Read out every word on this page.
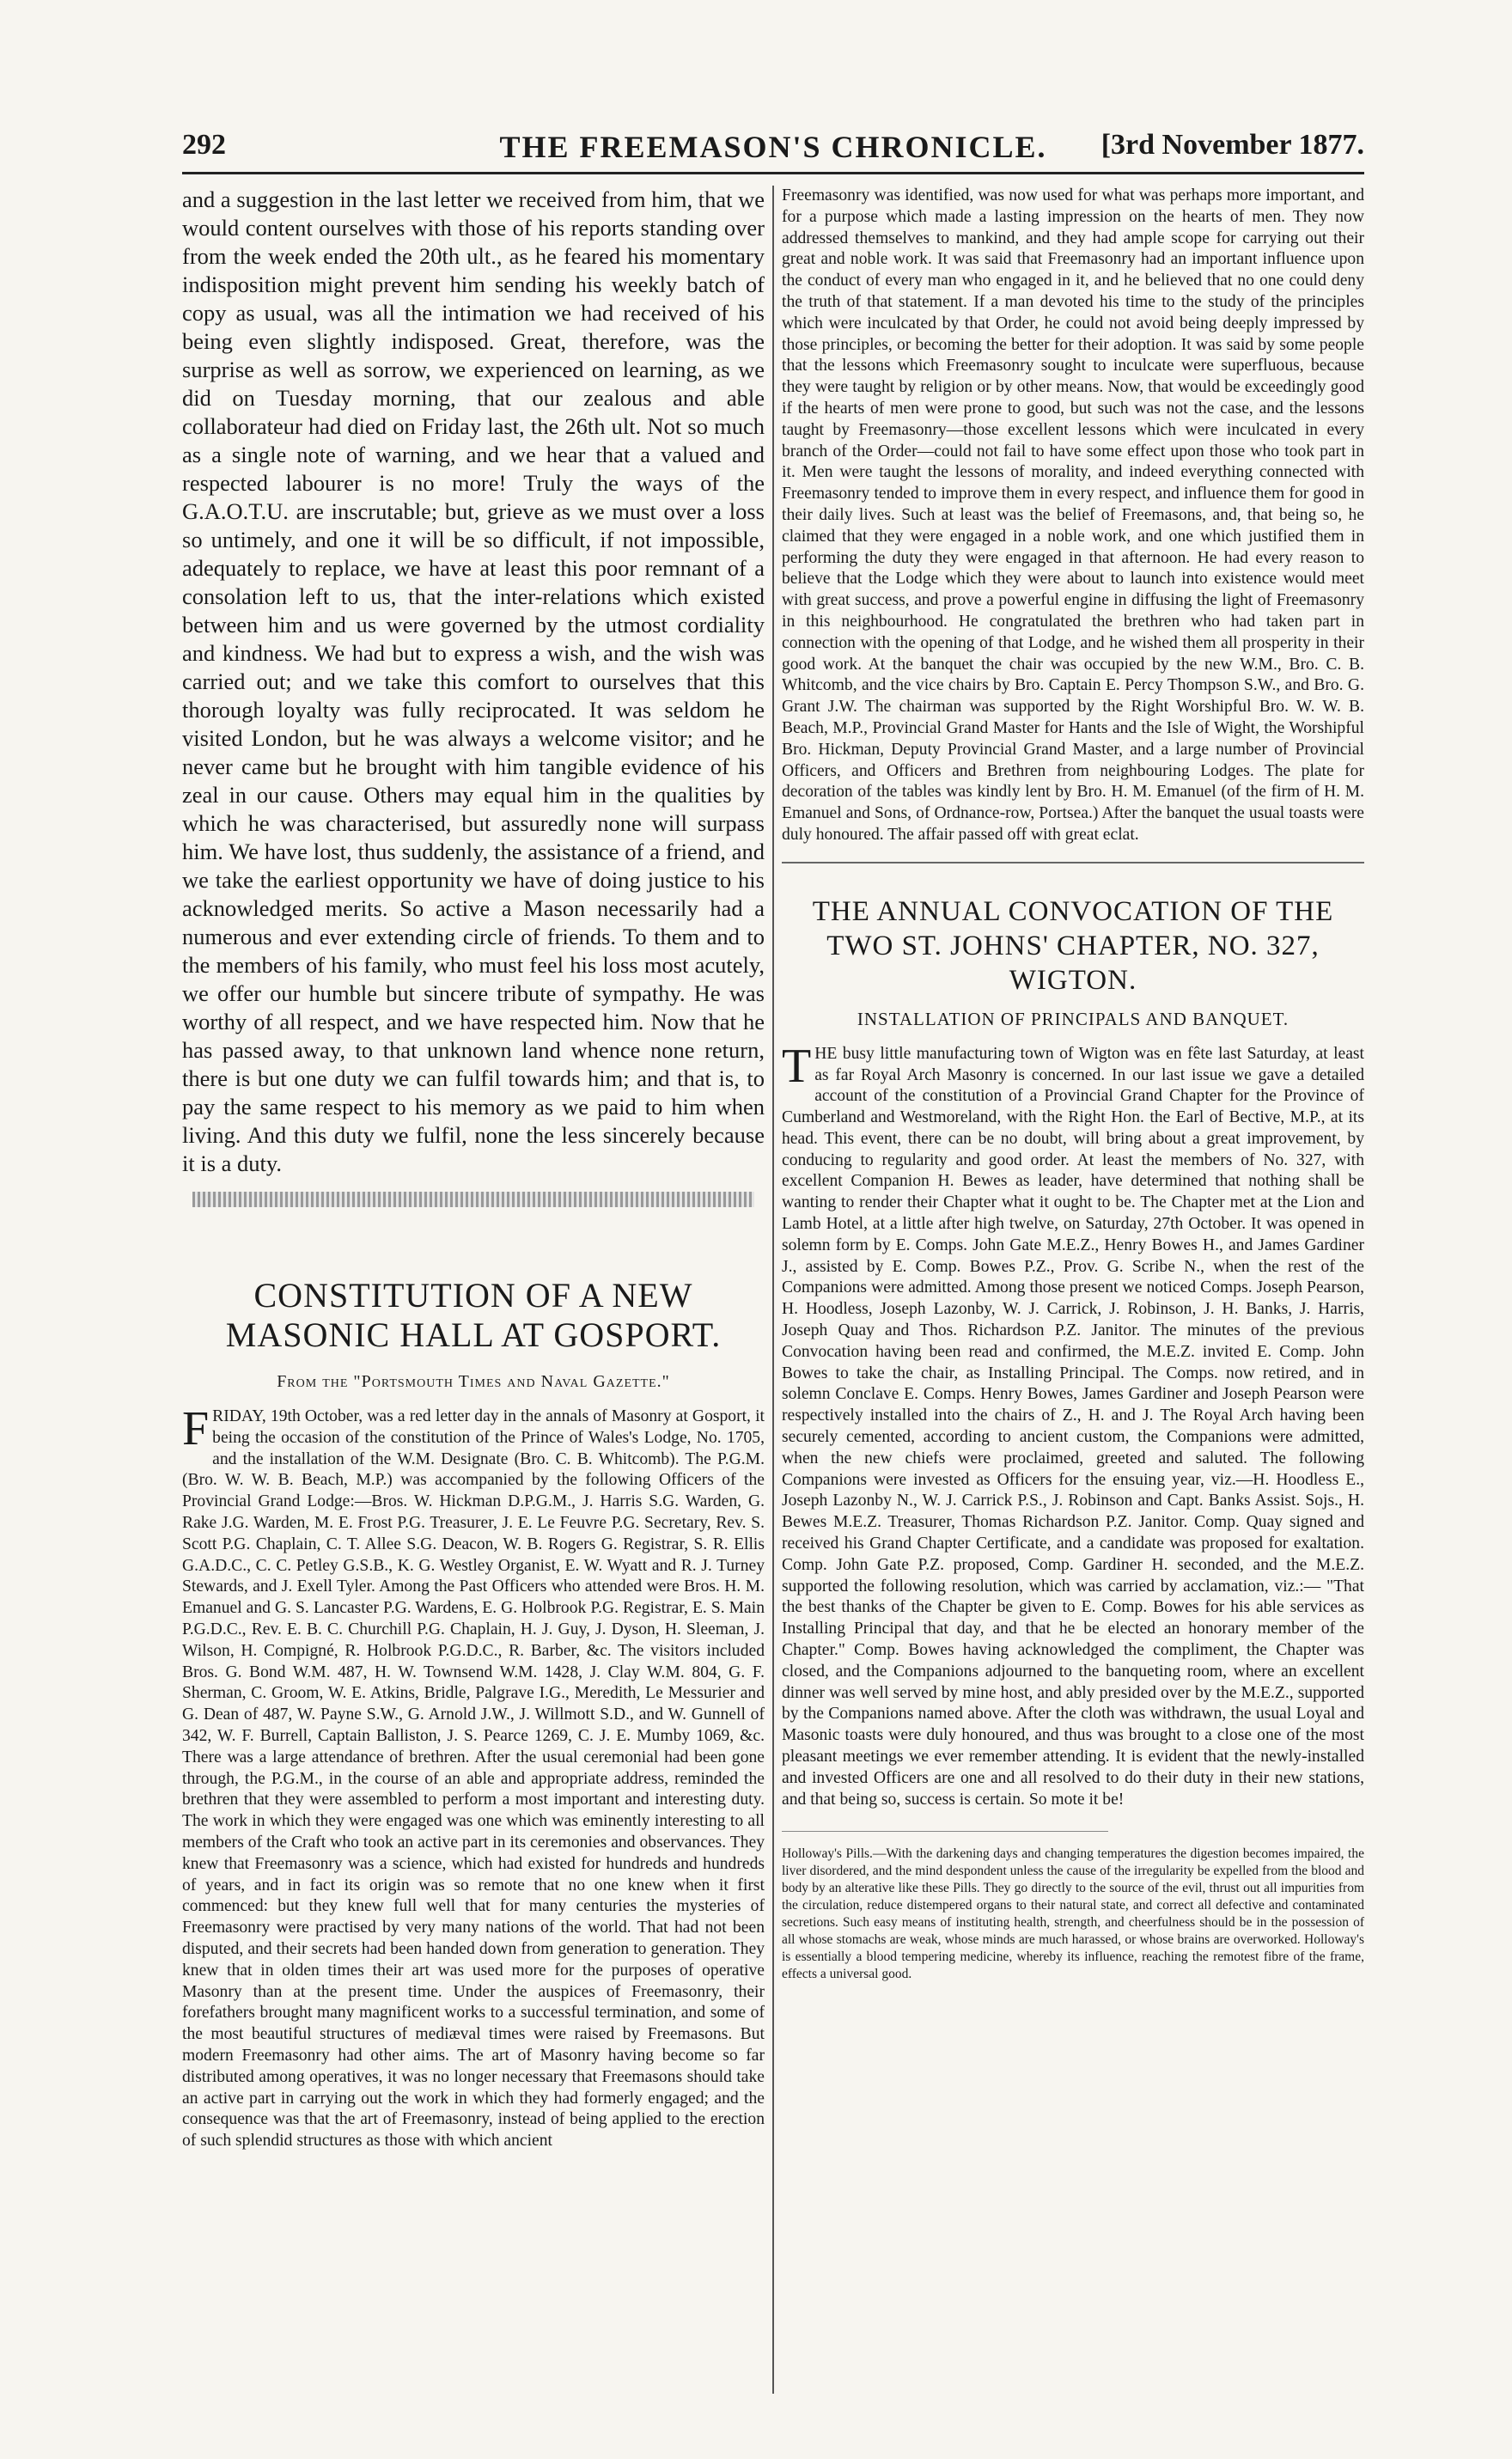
292	THE FREEMASON'S CHRONICLE.	[3rd November 1877.

and a suggestion in the last letter we received from him, that we would content ourselves with those of his reports standing over from the week ended the 20th ult., as he feared his momentary indisposition might prevent him sending his weekly batch of copy as usual, was all the intimation we had received of his being even slightly indisposed. Great, therefore, was the surprise as well as sorrow, we experienced on learning, as we did on Tuesday morning, that our zealous and able collaborateur had died on Friday last, the 26th ult. Not so much as a single note of warning, and we hear that a valued and respected labourer is no more! Truly the ways of the G.A.O.T.U. are inscrutable; but, grieve as we must over a loss so untimely, and one it will be so difficult, if not impossible, adequately to replace, we have at least this poor remnant of a consolation left to us, that the inter-relations which existed between him and us were governed by the utmost cordiality and kindness. We had but to express a wish, and the wish was carried out; and we take this comfort to ourselves that this thorough loyalty was fully reciprocated. It was seldom he visited London, but he was always a welcome visitor; and he never came but he brought with him tangible evidence of his zeal in our cause. Others may equal him in the qualities by which he was characterised, but assuredly none will surpass him. We have lost, thus suddenly, the assistance of a friend, and we take the earliest opportunity we have of doing justice to his acknowledged merits. So active a Mason necessarily had a numerous and ever extending circle of friends. To them and to the members of his family, who must feel his loss most acutely, we offer our humble but sincere tribute of sympathy. He was worthy of all respect, and we have respected him. Now that he has passed away, to that unknown land whence none return, there is but one duty we can fulfil towards him; and that is, to pay the same respect to his memory as we paid to him when living. And this duty we fulfil, none the less sincerely because it is a duty.

CONSTITUTION OF A NEW MASONIC HALL AT GOSPORT.
From the "Portsmouth Times and Naval Gazette."

FRIDAY, 19th October, was a red letter day in the annals of Masonry at Gosport, it being the occasion of the constitution of the Prince of Wales's Lodge, No. 1705, and the installation of the W.M. Designate (Bro. C. B. Whitcomb). The P.G.M. (Bro. W. W. B. Beach, M.P.) was accompanied by the following Officers of the Provincial Grand Lodge:—Bros. W. Hickman D.P.G.M., J. Harris S.G. Warden, G. Rake J.G. Warden, M. E. Frost P.G. Treasurer, J. E. Le Feuvre P.G. Secretary, Rev. S. Scott P.G. Chaplain, C. T. Allee S.G. Deacon, W. B. Rogers G. Registrar, S. R. Ellis G.A.D.C., C. C. Petley G.S.B., K. G. Westley Organist, E. W. Wyatt and R. J. Turney Stewards, and J. Exell Tyler. Among the Past Officers who attended were Bros. H. M. Emanuel and G. S. Lancaster P.G. Wardens, E. G. Holbrook P.G. Registrar, E. S. Main P.G.D.C., Rev. E. B. C. Churchill P.G. Chaplain, H. J. Guy, J. Dyson, H. Sleeman, J. Wilson, H. Compigné, R. Holbrook P.G.D.C., R. Barber, &c. The visitors included Bros. G. Bond W.M. 487, H. W. Townsend W.M. 1428, J. Clay W.M. 804, G. F. Sherman, C. Groom, W. E. Atkins, Bridle, Palgrave I.G., Meredith, Le Messurier and G. Dean of 487, W. Payne S.W., G. Arnold J.W., J. Willmott S.D., and W. Gunnell of 342, W. F. Burrell, Captain Balliston, J. S. Pearce 1269, C. J. E. Mumby 1069, &c. There was a large attendance of brethren. After the usual ceremonial had been gone through, the P.G.M., in the course of an able and appropriate address, reminded the brethren that they were assembled to perform a most important and interesting duty. The work in which they were engaged was one which was eminently interesting to all members of the Craft who took an active part in its ceremonies and observances. They knew that Freemasonry was a science, which had existed for hundreds and hundreds of years, and in fact its origin was so remote that no one knew when it first commenced: but they knew full well that for many centuries the mysteries of Freemasonry were practised by very many nations of the world. That had not been disputed, and their secrets had been handed down from generation to generation. They knew that in olden times their art was used more for the purposes of operative Masonry than at the present time. Under the auspices of Freemasonry, their forefathers brought many magnificent works to a successful termination, and some of the most beautiful structures of mediæval times were raised by Freemasons. But modern Freemasonry had other aims. The art of Masonry having become so far distributed among operatives, it was no longer necessary that Freemasons should take an active part in carrying out the work in which they had formerly engaged; and the consequence was that the art of Freemasonry, instead of being applied to the erection of such splendid structures as those with which ancient

Freemasonry was identified, was now used for what was perhaps more important, and for a purpose which made a lasting impression on the hearts of men. They now addressed themselves to mankind, and they had ample scope for carrying out their great and noble work. It was said that Freemasonry had an important influence upon the conduct of every man who engaged in it, and he believed that no one could deny the truth of that statement. If a man devoted his time to the study of the principles which were inculcated by that Order, he could not avoid being deeply impressed by those principles, or becoming the better for their adoption. It was said by some people that the lessons which Freemasonry sought to inculcate were superfluous, because they were taught by religion or by other means. Now, that would be exceedingly good if the hearts of men were prone to good, but such was not the case, and the lessons taught by Freemasonry—those excellent lessons which were inculcated in every branch of the Order—could not fail to have some effect upon those who took part in it. Men were taught the lessons of morality, and indeed everything connected with Freemasonry tended to improve them in every respect, and influence them for good in their daily lives. Such at least was the belief of Freemasons, and, that being so, he claimed that they were engaged in a noble work, and one which justified them in performing the duty they were engaged in that afternoon. He had every reason to believe that the Lodge which they were about to launch into existence would meet with great success, and prove a powerful engine in diffusing the light of Freemasonry in this neighbourhood. He congratulated the brethren who had taken part in connection with the opening of that Lodge, and he wished them all prosperity in their good work. At the banquet the chair was occupied by the new W.M., Bro. C. B. Whitcomb, and the vice chairs by Bro. Captain E. Percy Thompson S.W., and Bro. G. Grant J.W. The chairman was supported by the Right Worshipful Bro. W. W. B. Beach, M.P., Provincial Grand Master for Hants and the Isle of Wight, the Worshipful Bro. Hickman, Deputy Provincial Grand Master, and a large number of Provincial Officers, and Officers and Brethren from neighbouring Lodges. The plate for decoration of the tables was kindly lent by Bro. H. M. Emanuel (of the firm of H. M. Emanuel and Sons, of Ordnance-row, Portsea.) After the banquet the usual toasts were duly honoured. The affair passed off with great eclat.

THE ANNUAL CONVOCATION OF THE TWO ST. JOHNS' CHAPTER, NO. 327, WIGTON.
INSTALLATION OF PRINCIPALS AND BANQUET.

THE busy little manufacturing town of Wigton was en fête last Saturday, at least as far Royal Arch Masonry is concerned. In our last issue we gave a detailed account of the constitution of a Provincial Grand Chapter for the Province of Cumberland and Westmoreland, with the Right Hon. the Earl of Bective, M.P., at its head. This event, there can be no doubt, will bring about a great improvement, by conducing to regularity and good order. At least the members of No. 327, with excellent Companion H. Bewes as leader, have determined that nothing shall be wanting to render their Chapter what it ought to be. The Chapter met at the Lion and Lamb Hotel, at a little after high twelve, on Saturday, 27th October. It was opened in solemn form by E. Comps. John Gate M.E.Z., Henry Bowes H., and James Gardiner J., assisted by E. Comp. Bowes P.Z., Prov. G. Scribe N., when the rest of the Companions were admitted. Among those present we noticed Comps. Joseph Pearson, H. Hoodless, Joseph Lazonby, W. J. Carrick, J. Robinson, J. H. Banks, J. Harris, Joseph Quay and Thos. Richardson P.Z. Janitor. The minutes of the previous Convocation having been read and confirmed, the M.E.Z. invited E. Comp. John Bowes to take the chair, as Installing Principal. The Comps. now retired, and in solemn Conclave E. Comps. Henry Bowes, James Gardiner and Joseph Pearson were respectively installed into the chairs of Z., H. and J. The Royal Arch having been securely cemented, according to ancient custom, the Companions were admitted, when the new chiefs were proclaimed, greeted and saluted. The following Companions were invested as Officers for the ensuing year, viz.—H. Hoodless E., Joseph Lazonby N., W. J. Carrick P.S., J. Robinson and Capt. Banks Assist. Sojs., H. Bewes M.E.Z. Treasurer, Thomas Richardson P.Z. Janitor. Comp. Quay signed and received his Grand Chapter Certificate, and a candidate was proposed for exaltation. Comp. John Gate P.Z. proposed, Comp. Gardiner H. seconded, and the M.E.Z. supported the following resolution, which was carried by acclamation, viz.:— "That the best thanks of the Chapter be given to E. Comp. Bowes for his able services as Installing Principal that day, and that he be elected an honorary member of the Chapter." Comp. Bowes having acknowledged the compliment, the Chapter was closed, and the Companions adjourned to the banqueting room, where an excellent dinner was well served by mine host, and ably presided over by the M.E.Z., supported by the Companions named above. After the cloth was withdrawn, the usual Loyal and Masonic toasts were duly honoured, and thus was brought to a close one of the most pleasant meetings we ever remember attending. It is evident that the newly-installed and invested Officers are one and all resolved to do their duty in their new stations, and that being so, success is certain. So mote it be!

Holloway's Pills.—With the darkening days and changing temperatures the digestion becomes impaired, the liver disordered, and the mind despondent unless the cause of the irregularity be expelled from the blood and body by an alterative like these Pills. They go directly to the source of the evil, thrust out all impurities from the circulation, reduce distempered organs to their natural state, and correct all defective and contaminated secretions. Such easy means of instituting health, strength, and cheerfulness should be in the possession of all whose stomachs are weak, whose minds are much harassed, or whose brains are overworked. Holloway's is essentially a blood tempering medicine, whereby its influence, reaching the remotest fibre of the frame, effects a universal good.
